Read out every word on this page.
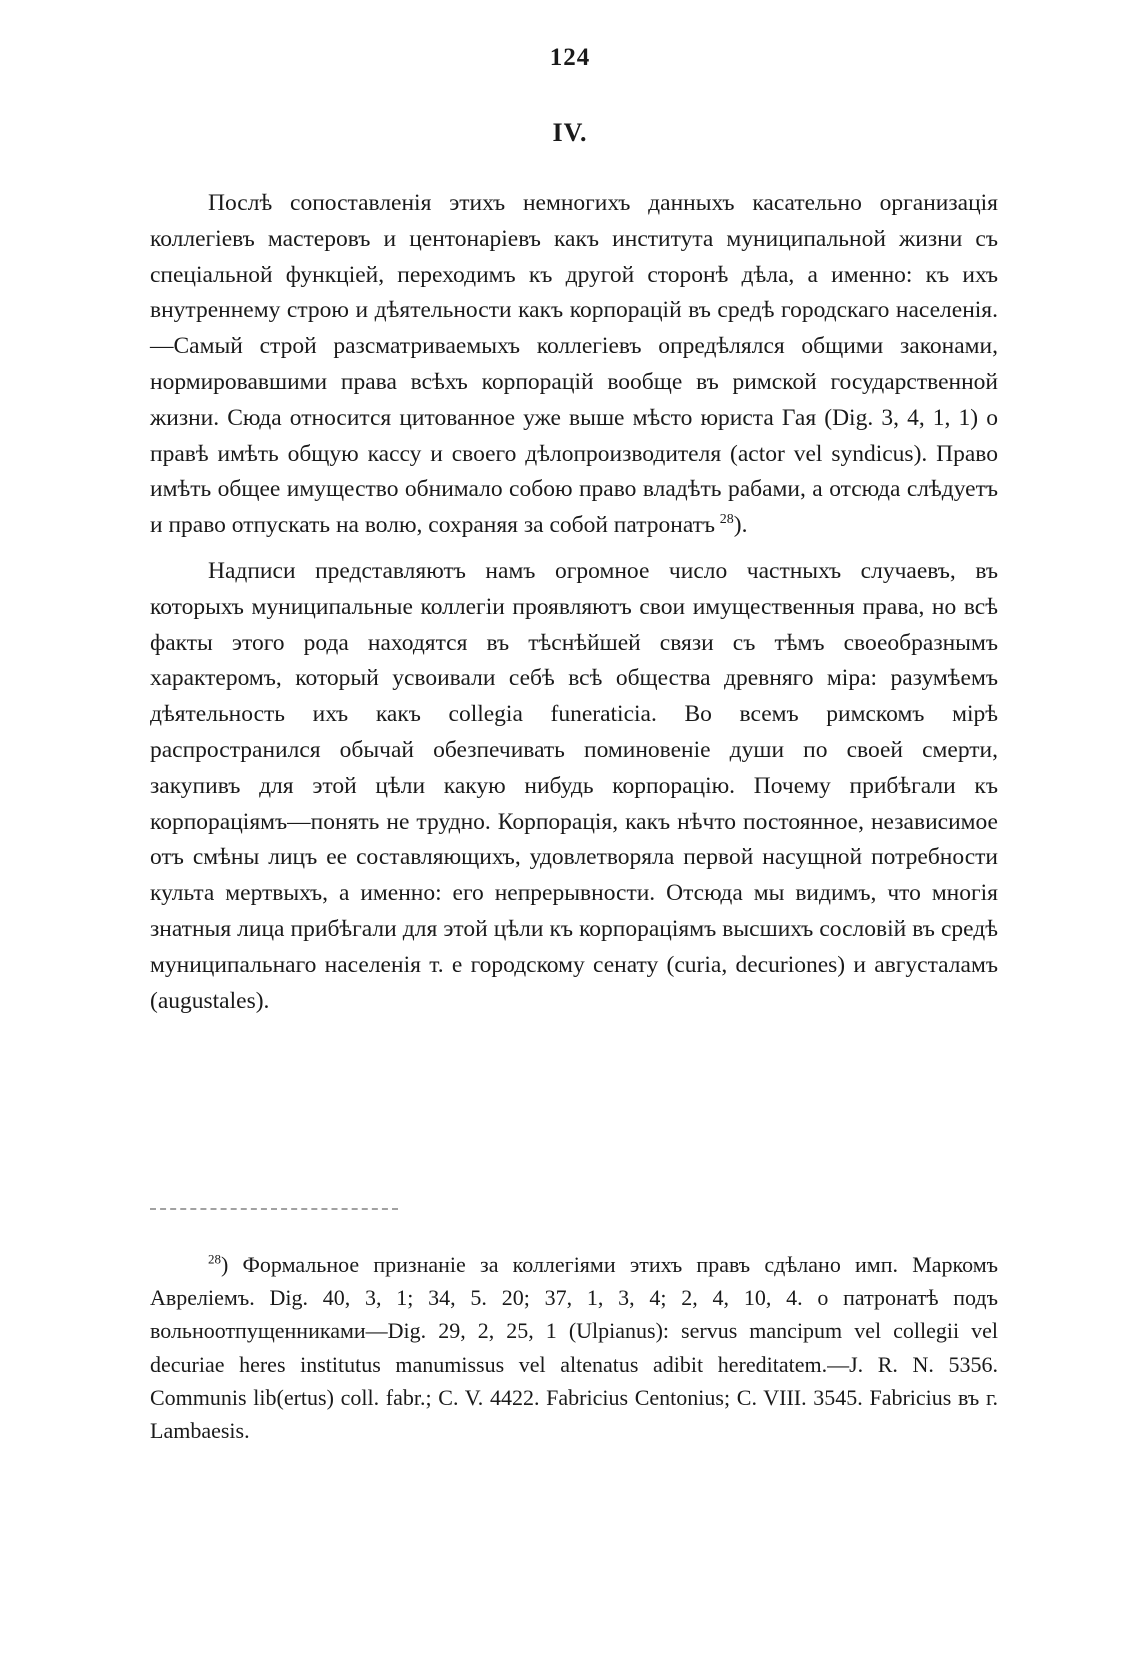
124
IV.

Послѣ сопоставленія этихъ немногихъ данныхъ касательно организація коллегіевъ мастеровъ и центонаріевъ какъ института муниципальной жизни съ спеціальной функціей, переходимъ къ другой сторонѣ дѣла, а именно: къ ихъ внутреннему строю и дѣятельности какъ корпорацій въ средѣ городскаго населенія.—Самый строй разсматриваемыхъ коллегіевъ опредѣлялся общими законами, нормировавшими права всѣхъ корпорацій вообще въ римской государственной жизни. Сюда относится цитованное уже выше мѣсто юриста Гая (Dig. 3, 4, 1, 1) о правѣ имѣть общую кассу и своего дѣлопроизводителя (actor vel syndicus). Право имѣть общее имущество обнимало собою право владѣть рабами, а отсюда слѣдуетъ и право отпускать на волю, сохраняя за собой патронатъ  $^{28}$).

Надписи представляютъ намъ огромное число частныхъ случаевъ, въ которыхъ муниципальные коллегіи проявляютъ свои имущественныя права, но всѣ факты этого рода находятся въ тѣснѣйшей связи съ тѣмъ своеобразнымъ характеромъ, который усвоивали себѣ всѣ общества древняго міра: разумѣемъ дѣятельность ихъ какъ collegia funeraticia. Во всемъ римскомъ мірѣ распространился обычай обезпечивать поминовеніе души по своей смерти, закупивъ для этой цѣли какую нибудь корпорацію. Почему прибѣгали къ корпораціямъ—понять не трудно. Корпорація, какъ нѣчто постоянное, независимое отъ смѣны лицъ ее составляющихъ, удовлетворяла первой насущной потребности культа мертвыхъ, а именно: его непрерывности. Отсюда мы видимъ, что многія знатныя лица прибѣгали для этой цѣли къ корпораціямъ высшихъ сословій въ средѣ муниципальнаго населенія т. е городскому сенату (curia, decuriones) и августаламъ (augustales).

$^{28}$) Формальное признаніе за коллегіями этихъ правъ сдѣлано имп. Маркомъ Авреліемъ. Dig. 40, 3, 1; 34, 5. 20; 37, 1, 3, 4; 2, 4, 10, 4. о патронатѣ подъ вольноотпущенниками—Dig. 29, 2, 25, 1 (Ulpianus): servus mancipum vel collegii vel decuriae heres institutus manumissus vel altenatus adibit hereditatem.—J. R. N. 5356. Communis lib(ertus) coll. fabr.; C. V. 4422. Fabricius Centonius; C. VIII. 3545. Fabricius въ г. Lambaesis.
